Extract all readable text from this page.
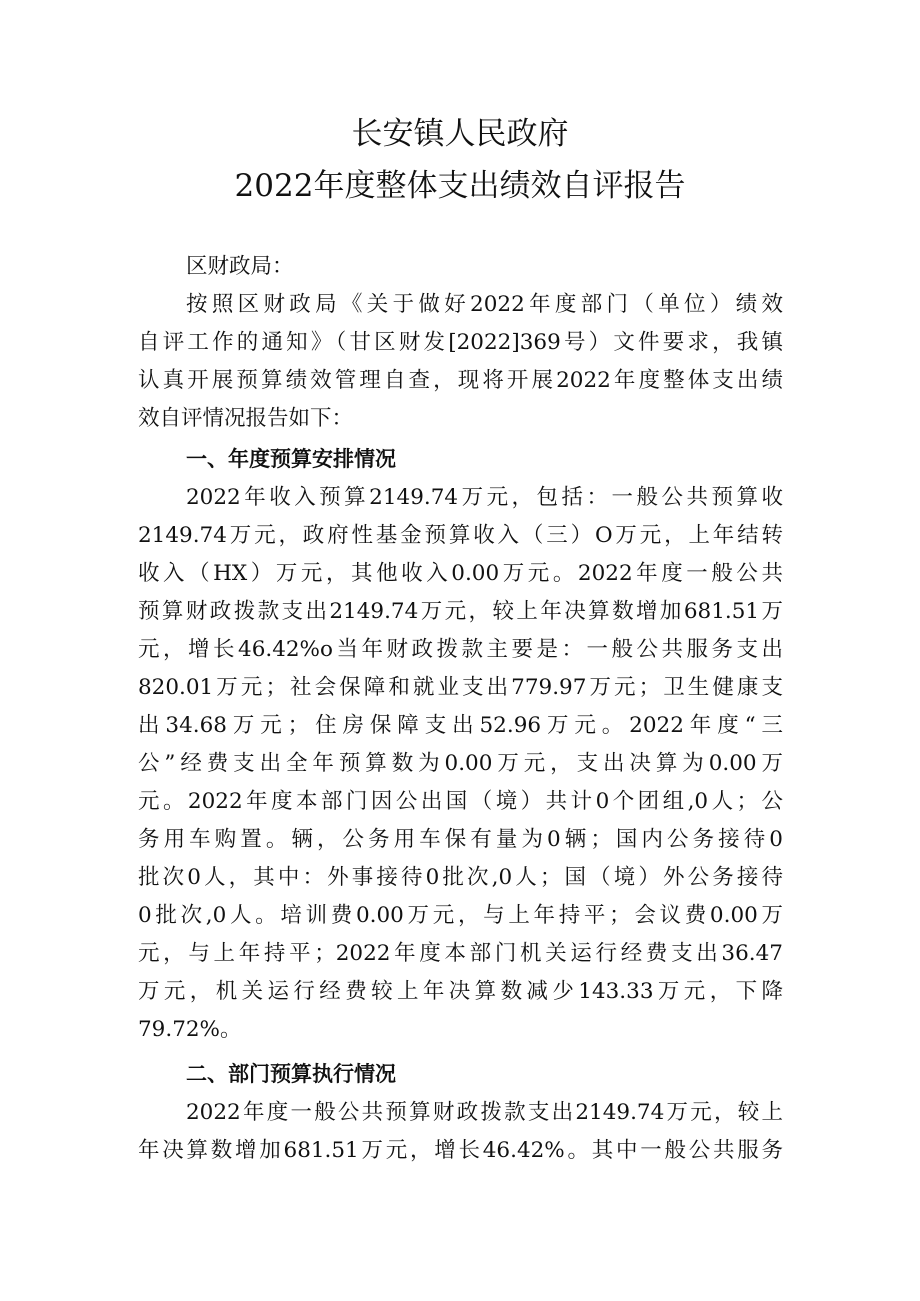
长安镇人民政府
2022年度整体支出绩效自评报告
区财政局：
按照区财政局《关于做好2022年度部门（单位）绩效
自评工作的通知》（甘区财发[2022]369号）文件要求，我镇
认真开展预算绩效管理自查，现将开展2022年度整体支出绩
效自评情况报告如下：
一、年度预算安排情况
2022年收入预算2149.74万元，包括：一般公共预算收
2149.74万元，政府性基金预算收入（三）O万元，上年结转
收入（HX）万元，其他收入0.00万元。2022年度一般公共
预算财政拨款支出2149.74万元，较上年决算数增加681.51万
元，增长46.42%o当年财政拨款主要是：一般公共服务支出
820.01万元；社会保障和就业支出779.97万元；卫生健康支
出34.68万元；住房保障支出52.96万元。2022年度“三
公”经费支出全年预算数为0.00万元，支出决算为0.00万
元。2022年度本部门因公出国（境）共计0个团组,0人；公
务用车购置。辆，公务用车保有量为0辆；国内公务接待0
批次0人，其中：外事接待0批次,0人；国（境）外公务接待
0批次,0人。培训费0.00万元，与上年持平；会议费0.00万
元，与上年持平；2022年度本部门机关运行经费支出36.47
万元，机关运行经费较上年决算数减少143.33万元，下降
79.72%。
二、部门预算执行情况
2022年度一般公共预算财政拨款支出2149.74万元，较上
年决算数增加681.51万元，增长46.42%。其中一般公共服务
